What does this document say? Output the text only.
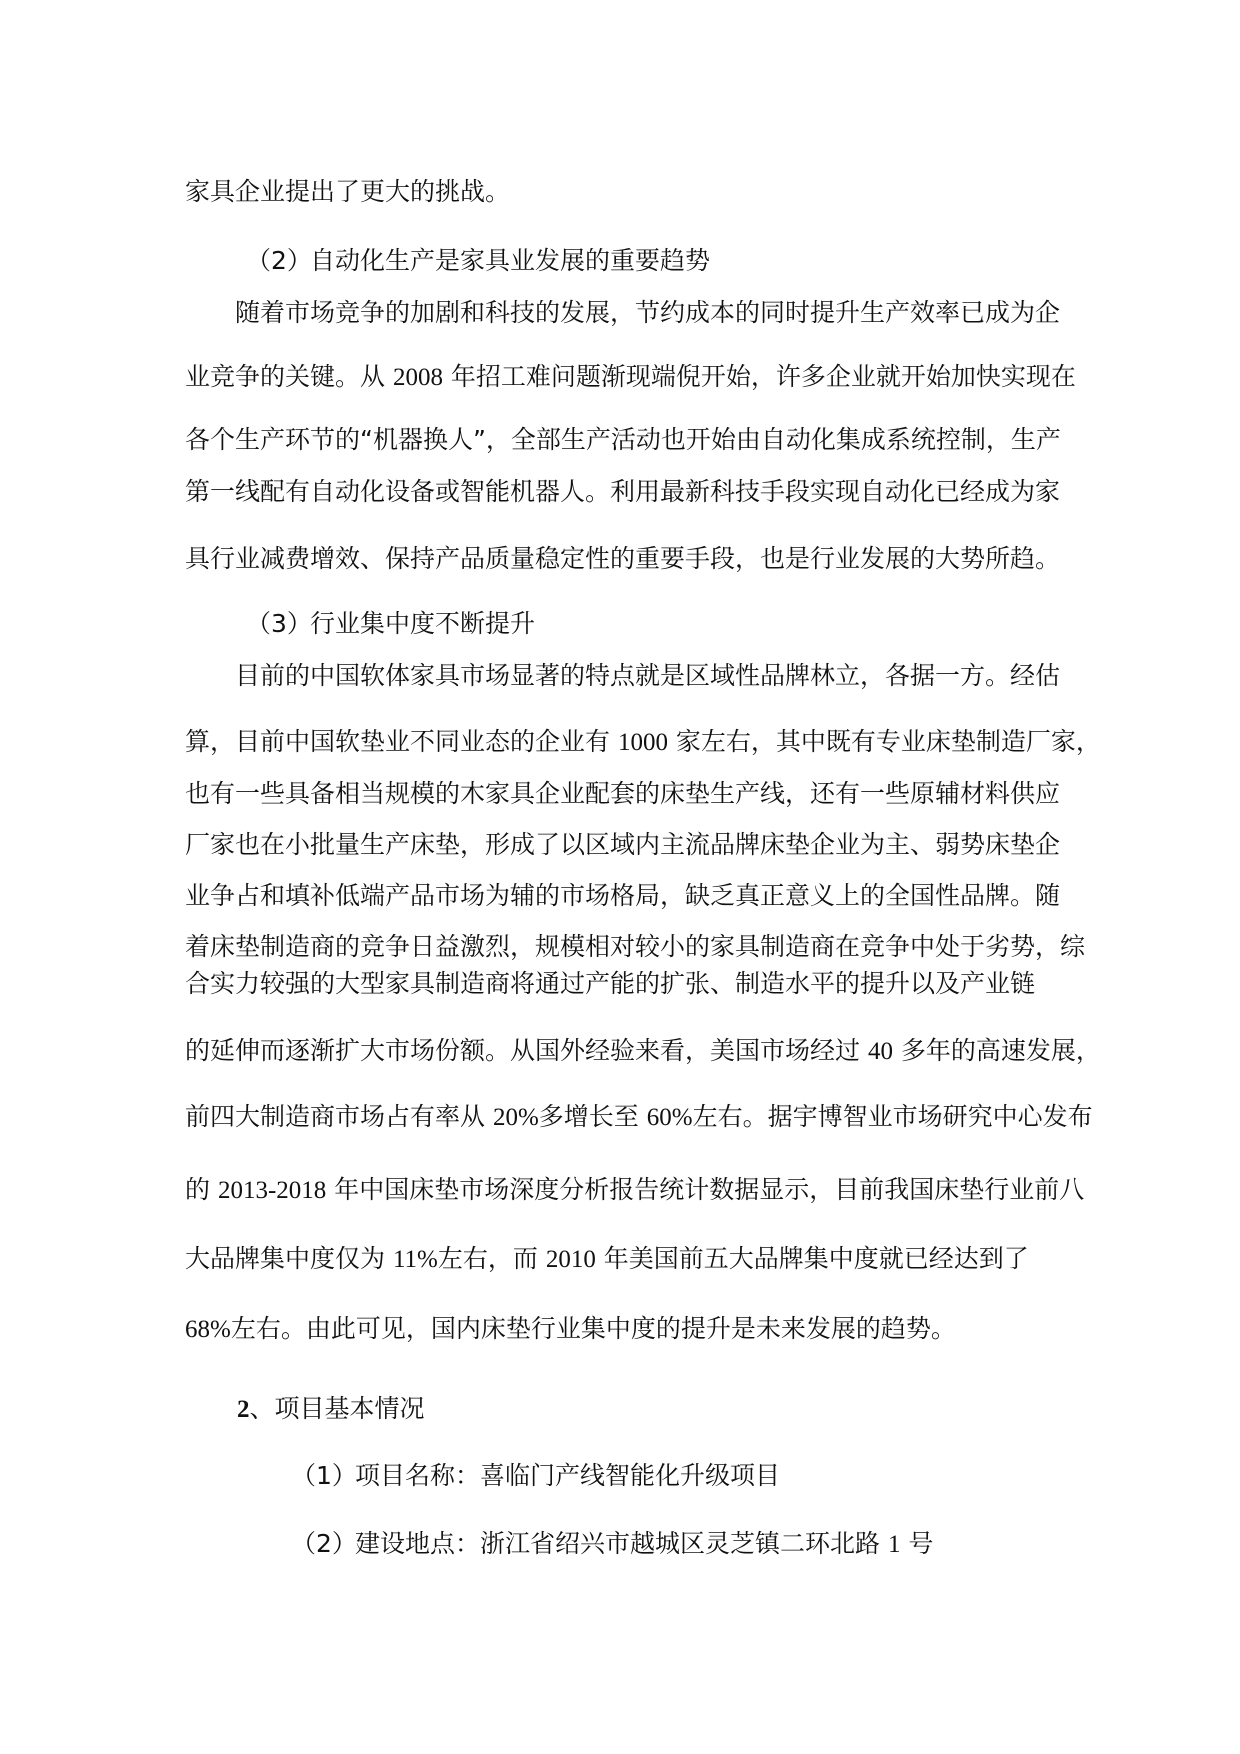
家具企业提出了更大的挑战。

（2）自动化生产是家具业发展的重要趋势

随着市场竞争的加剧和科技的发展，节约成本的同时提升生产效率已成为企

业竞争的关键。从 2008 年招工难问题渐现端倪开始，许多企业就开始加快实现在

各个生产环节的“机器换人”，全部生产活动也开始由自动化集成系统控制，生产

第一线配有自动化设备或智能机器人。利用最新科技手段实现自动化已经成为家

具行业减费增效、保持产品质量稳定性的重要手段，也是行业发展的大势所趋。

（3）行业集中度不断提升

目前的中国软体家具市场显著的特点就是区域性品牌林立，各据一方。经估

算，目前中国软垫业不同业态的企业有 1000 家左右，其中既有专业床垫制造厂家，

也有一些具备相当规模的木家具企业配套的床垫生产线，还有一些原辅材料供应

厂家也在小批量生产床垫，形成了以区域内主流品牌床垫企业为主、弱势床垫企

业争占和填补低端产品市场为辅的市场格局，缺乏真正意义上的全国性品牌。随

着床垫制造商的竞争日益激烈，规模相对较小的家具制造商在竞争中处于劣势，综

合实力较强的大型家具制造商将通过产能的扩张、制造水平的提升以及产业链

的延伸而逐渐扩大市场份额。从国外经验来看，美国市场经过 40 多年的高速发展，

前四大制造商市场占有率从 20%多增长至 60%左右。据宇博智业市场研究中心发布

的 2013-2018 年中国床垫市场深度分析报告统计数据显示，目前我国床垫行业前八

大品牌集中度仅为 11%左右，而 2010 年美国前五大品牌集中度就已经达到了

68%左右。由此可见，国内床垫行业集中度的提升是未来发展的趋势。

2、项目基本情况

（1）项目名称：喜临门产线智能化升级项目

（2）建设地点：浙江省绍兴市越城区灵芝镇二环北路 1 号
